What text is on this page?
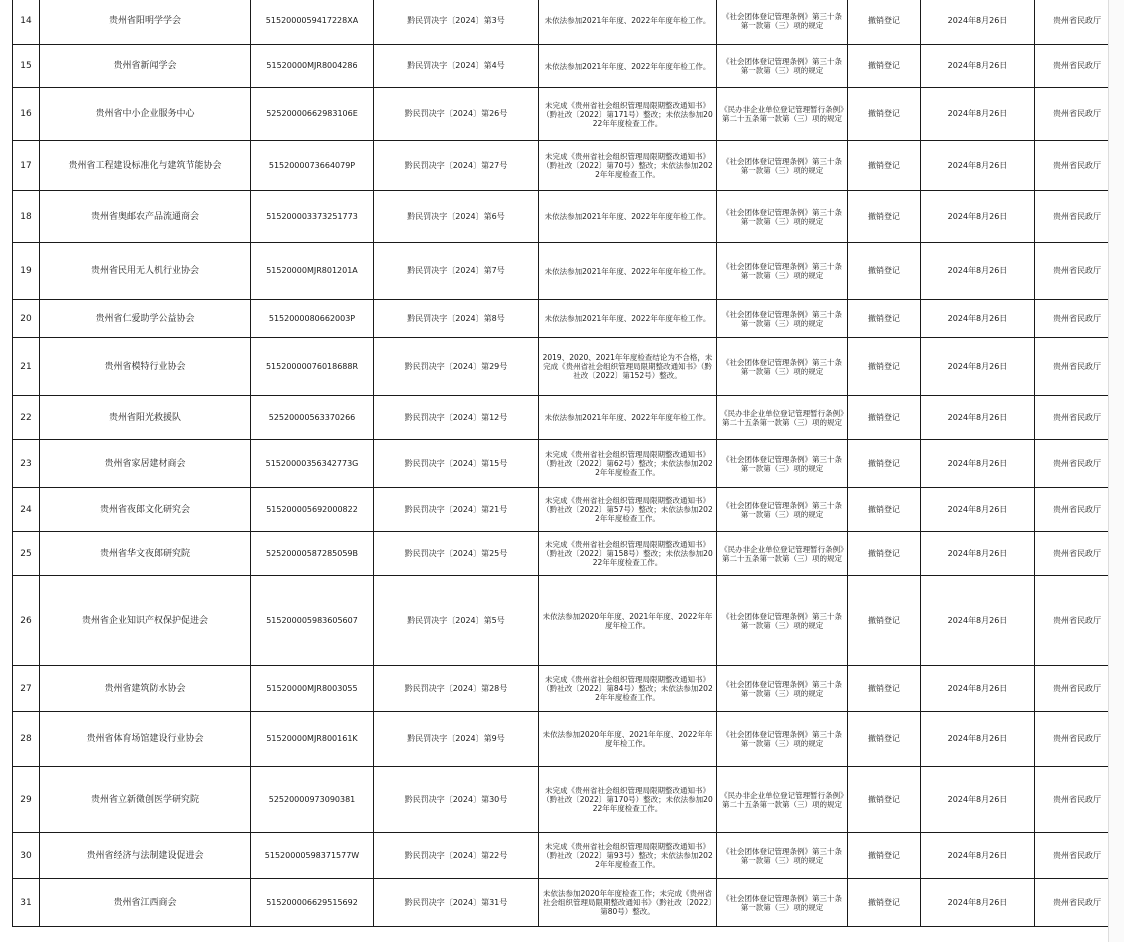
14	贵州省阳明学学会	5152000059417228XA	黔民罚决字〔2024〕第3号	未依法参加2021年年度、2022年年度年检工作。	《社会团体登记管理条例》第三十条第一款第（三）项的规定	撤销登记	2024年8月26日	贵州省民政厅
15	贵州省新闻学会	51520000MJR8004286	黔民罚决字〔2024〕第4号	未依法参加2021年年度、2022年年度年检工作。	《社会团体登记管理条例》第三十条第一款第（三）项的规定	撤销登记	2024年8月26日	贵州省民政厅
16	贵州省中小企业服务中心	52520000662983106E	黔民罚决字〔2024〕第26号	未完成《贵州省社会组织管理局限期整改通知书》（黔社改〔2022〕第171号）整改；未依法参加2022年年度检查工作。	《民办非企业单位登记管理暂行条例》第二十五条第一款第（三）项的规定	撤销登记	2024年8月26日	贵州省民政厅
17	贵州省工程建设标准化与建筑节能协会	5152000073664079P	黔民罚决字〔2024〕第27号	未完成《贵州省社会组织管理局限期整改通知书》（黔社改〔2022〕第70号）整改；未依法参加2022年年度检查工作。	《社会团体登记管理条例》第三十条第一款第（三）项的规定	撤销登记	2024年8月26日	贵州省民政厅
18	贵州省奥邮农产品流通商会	51520000337325177​3	黔民罚决字〔2024〕第6号	未依法参加2021年年度、2022年年度年检工作。	《社会团体登记管理条例》第三十条第一款第（三）项的规定	撤销登记	2024年8月26日	贵州省民政厅
19	贵州省民用无人机行业协会	51520000MJR801201A	黔民罚决字〔2024〕第7号	未依法参加2021年年度、2022年年度年检工作。	《社会团体登记管理条例》第三十条第一款第（三）项的规定	撤销登记	2024年8月26日	贵州省民政厅
20	贵州省仁爱助学公益协会	5152000080662003P	黔民罚决字〔2024〕第8号	未依法参加2021年年度、2022年年度年检工作。	《社会团体登记管理条例》第三十条第一款第（三）项的规定	撤销登记	2024年8月26日	贵州省民政厅
21	贵州省模特行业协会	51520000076018688R	黔民罚决字〔2024〕第29号	2019、2020、2021年年度检查结论为不合格，未完成《贵州省社会组织管理局限期整改通知书》（黔社改〔2022〕第152号）整改。	《社会团体登记管理条例》第三十条第一款第（三）项的规定	撤销登记	2024年8月26日	贵州省民政厅
22	贵州省阳光救援队	52520000563370266	黔民罚决字〔2024〕第12号	未依法参加2021年年度、2022年年度年检工作。	《民办非企业单位登记管理暂行条例》第二十五条第一款第（三）项的规定	撤销登记	2024年8月26日	贵州省民政厅
23	贵州省家居建材商会	5152000035634277​3G	黔民罚决字〔2024〕第15号	未完成《贵州省社会组织管理局限期整改通知书》（黔社改〔2022〕第62号）整改；未依法参加2022年年度检查工作。	《社会团体登记管理条例》第三十条第一款第（三）项的规定	撤销登记	2024年8月26日	贵州省民政厅
24	贵州省夜郎文化研究会	51520000569200082​2	黔民罚决字〔2024〕第21号	未完成《贵州省社会组织管理局限期整改通知书》（黔社改〔2022〕第57号）整改；未依法参加2022年年度检查工作。	《社会团体登记管理条例》第三十条第一款第（三）项的规定	撤销登记	2024年8月26日	贵州省民政厅
25	贵州省华文夜郎研究院	52520000587285059B	黔民罚决字〔2024〕第25号	未完成《贵州省社会组织管理局限期整改通知书》（黔社改〔2022〕第158号）整改；未依法参加2022年年度检查工作。	《民办非企业单位登记管理暂行条例》第二十五条第一款第（三）项的规定	撤销登记	2024年8月26日	贵州省民政厅
26	贵州省企业知识产权保护促进会	51520000598360560​7	黔民罚决字〔2024〕第5号	未依法参加2020年年度、2021年年度、2022年年度年检工作。	《社会团体登记管理条例》第三十条第一款第（三）项的规定	撤销登记	2024年8月26日	贵州省民政厅
27	贵州省建筑防水协会	51520000MJR8003055	黔民罚决字〔2024〕第28号	未完成《贵州省社会组织管理局限期整改通知书》（黔社改〔2022〕第84号）整改；未依法参加2022年年度检查工作。	《社会团体登记管理条例》第三十条第一款第（三）项的规定	撤销登记	2024年8月26日	贵州省民政厅
28	贵州省体育场馆建设行业协会	51520000MJR800161K	黔民罚决字〔2024〕第9号	未依法参加2020年年度、2021年年度、2022年年度年检工作。	《社会团体登记管理条例》第三十条第一款第（三）项的规定	撤销登记	2024年8月26日	贵州省民政厅
29	贵州省立新微创医学研究院	525200009730903​81	黔民罚决字〔2024〕第30号	未完成《贵州省社会组织管理局限期整改通知书》（黔社改〔2022〕第170号）整改；未依法参加2022年年度检查工作。	《民办非企业单位登记管理暂行条例》第二十五条第一款第（三）项的规定	撤销登记	2024年8月26日	贵州省民政厅
30	贵州省经济与法制建设促进会	51520000598371577W	黔民罚决字〔2024〕第22号	未完成《贵州省社会组织管理局限期整改通知书》（黔社改〔2022〕第93号）整改；未依法参加2022年年度检查工作。	《社会团体登记管理条例》第三十条第一款第（三）项的规定	撤销登记	2024年8月26日	贵州省民政厅
31	贵州省江西商会	51520000662951569​2	黔民罚决字〔2024〕第31号	未依法参加2020年年度检查工作；未完成《贵州省社会组织管理局限期整改通知书》（黔社改〔2022〕第80号）整改。	《社会团体登记管理条例》第三十条第一款第（三）项的规定	撤销登记	2024年8月26日	贵州省民政厅
